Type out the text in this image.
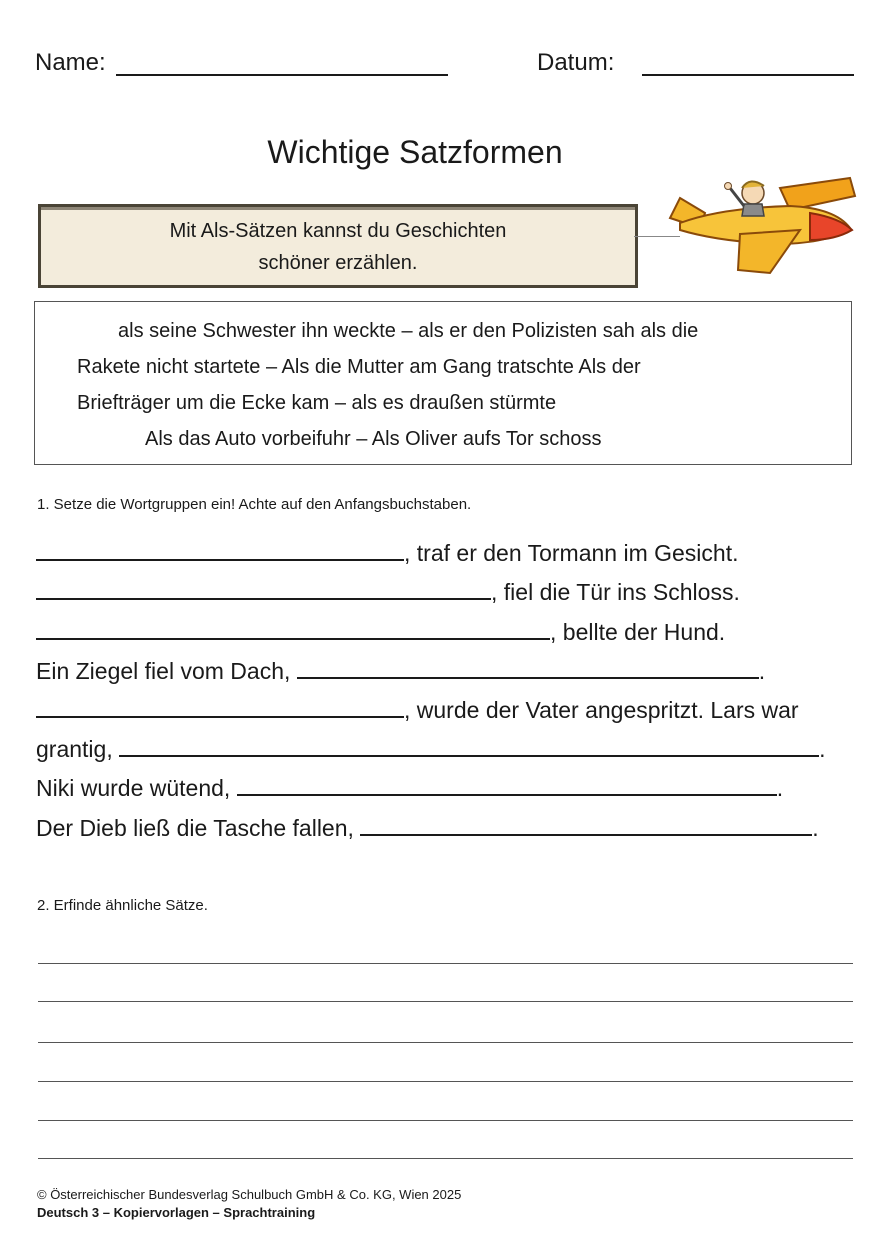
Name:	Datum:
Wichtige Satzformen
Mit Als-Sätzen kannst du Geschichten
schöner erzählen.
als seine Schwester ihn weckte – als er den Polizisten sah als die
Rakete nicht startete – Als die Mutter am Gang tratschte Als der
Briefträger um die Ecke kam – als es draußen stürmte
Als das Auto vorbeifuhr – Als Oliver aufs Tor schoss
1. Setze die Wortgruppen ein! Achte auf den Anfangsbuchstaben.
, traf er den Tormann im Gesicht.
, fiel die Tür ins Schloss.
, bellte der Hund.
Ein Ziegel fiel vom Dach,	.
, wurde der Vater angespritzt. Lars war
grantig,	.
Niki wurde wütend,	.
Der Dieb ließ die Tasche fallen,	.
2. Erfinde ähnliche Sätze.
© Österreichischer Bundesverlag Schulbuch GmbH & Co. KG, Wien 2025
Deutsch 3 – Kopiervorlagen – Sprachtraining
